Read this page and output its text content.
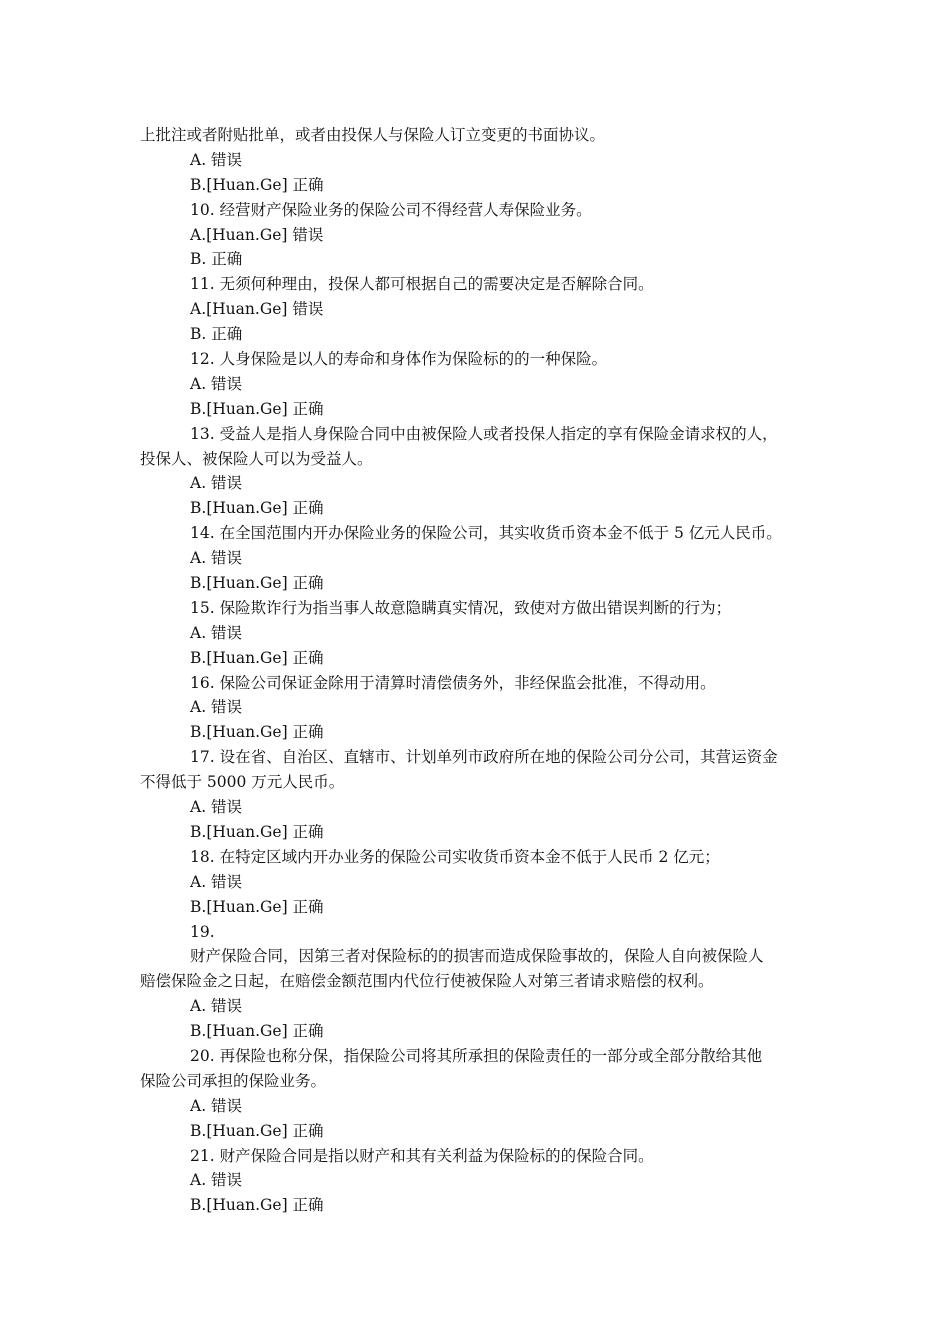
上批注或者附贴批单，或者由投保人与保险人订立变更的书面协议。
A. 错误
B.[Huan.Ge] 正确
10. 经营财产保险业务的保险公司不得经营人寿保险业务。
A.[Huan.Ge] 错误
B. 正确
11. 无须何种理由，投保人都可根据自己的需要决定是否解除合同。
A.[Huan.Ge] 错误
B. 正确
12. 人身保险是以人的寿命和身体作为保险标的的一种保险。
A. 错误
B.[Huan.Ge] 正确
13. 受益人是指人身保险合同中由被保险人或者投保人指定的享有保险金请求权的人，
投保人、被保险人可以为受益人。
A. 错误
B.[Huan.Ge] 正确
14. 在全国范围内开办保险业务的保险公司，其实收货币资本金不低于 5 亿元人民币。
A. 错误
B.[Huan.Ge] 正确
15. 保险欺诈行为指当事人故意隐瞒真实情况，致使对方做出错误判断的行为；
A. 错误
B.[Huan.Ge] 正确
16. 保险公司保证金除用于清算时清偿债务外，非经保监会批准，不得动用。
A. 错误
B.[Huan.Ge] 正确
17. 设在省、自治区、直辖市、计划单列市政府所在地的保险公司分公司，其营运资金
不得低于 5000 万元人民币。
A. 错误
B.[Huan.Ge] 正确
18. 在特定区域内开办业务的保险公司实收货币资本金不低于人民币 2 亿元；
A. 错误
B.[Huan.Ge] 正确
19.
财产保险合同，因第三者对保险标的的损害而造成保险事故的，保险人自向被保险人
赔偿保险金之日起，在赔偿金额范围内代位行使被保险人对第三者请求赔偿的权利。
A. 错误
B.[Huan.Ge] 正确
20. 再保险也称分保，指保险公司将其所承担的保险责任的一部分或全部分散给其他
保险公司承担的保险业务。
A. 错误
B.[Huan.Ge] 正确
21. 财产保险合同是指以财产和其有关利益为保险标的的保险合同。
A. 错误
B.[Huan.Ge] 正确
